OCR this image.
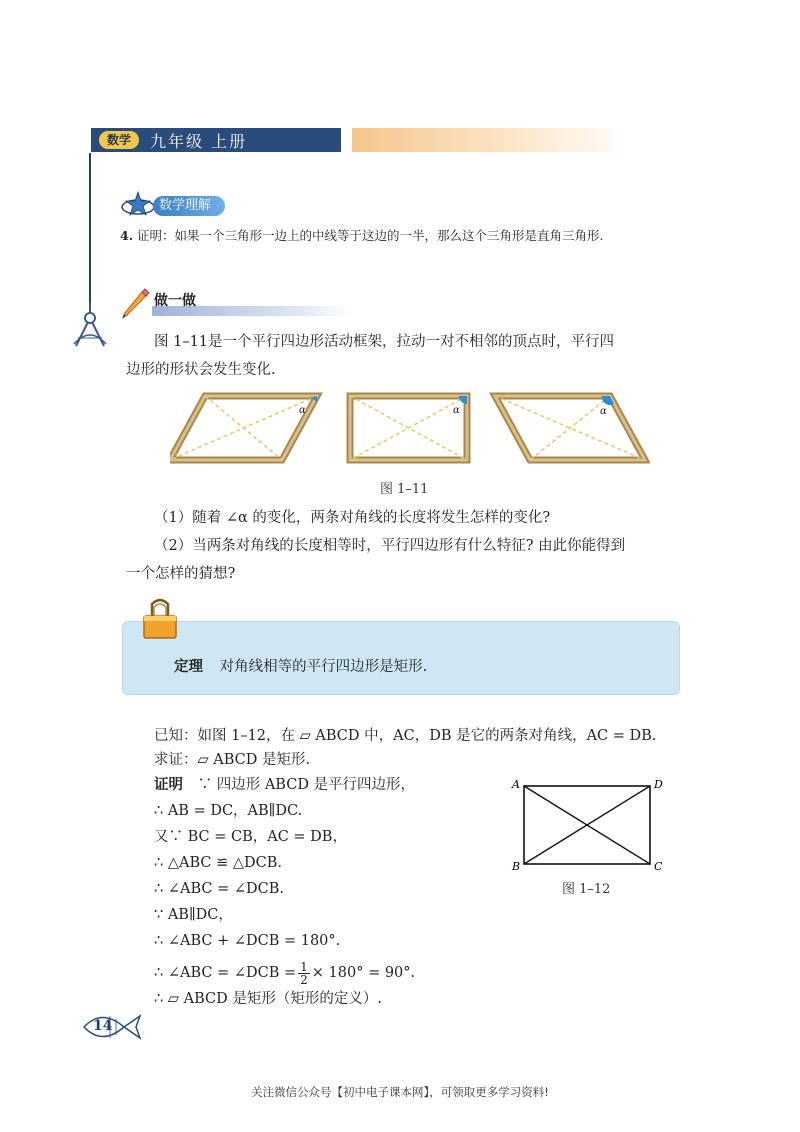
数学	九年级 上册
数学理解
4. 证明：如果一个三角形一边上的中线等于这边的一半，那么这个三角形是直角三角形.
做一做
图 1–11是一个平行四边形活动框架，拉动一对不相邻的顶点时，平行四
边形的形状会发生变化.
α	α	α
图 1–11
（1）随着 ∠α 的变化，两条对角线的长度将发生怎样的变化?
（2）当两条对角线的长度相等时，平行四边形有什么特征? 由此你能得到
一个怎样的猜想?
定理 对角线相等的平行四边形是矩形.
已知：如图 1–12，在 ▱ ABCD 中，AC，DB 是它的两条对角线，AC = DB.
求证：▱ ABCD 是矩形.
证明 ∵ 四边形 ABCD 是平行四边形，
∴ AB = DC，AB∥DC.
又∵ BC = CB，AC = DB，
∴ △ABC ≌ △DCB.
∴ ∠ABC = ∠DCB.
∵ AB∥DC，
∴ ∠ABC + ∠DCB = 180°.
∴ ∠ABC = ∠DCB = $\frac{1}{2} \times 180^\circ = 90^\circ$.
∴ ▱ ABCD 是矩形（矩形的定义）.
A	D
B	C
图 1–12
14
关注微信公众号【初中电子课本网】，可领取更多学习资料!
